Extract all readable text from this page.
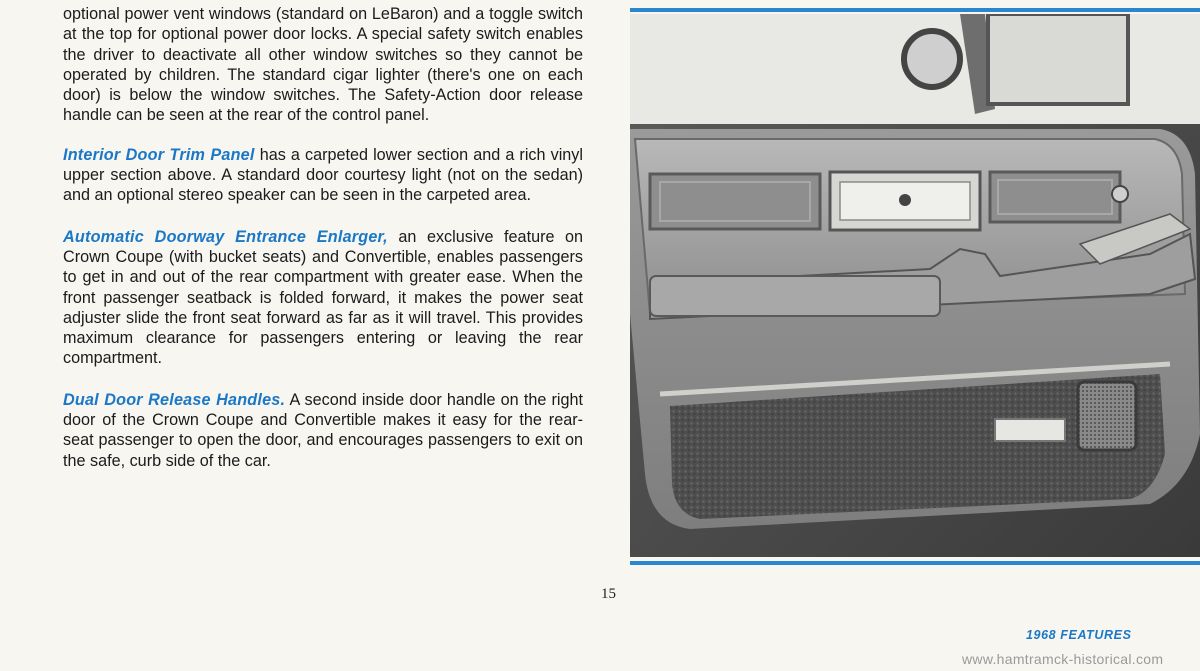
optional power vent windows (standard on LeBaron) and a toggle switch at the top for optional power door locks. A special safety switch enables the driver to deactivate all other window switches so they cannot be operated by children. The standard cigar lighter (there's one on each door) is below the window switches. The Safety-Action door release handle can be seen at the rear of the control panel.

Interior Door Trim Panel has a carpeted lower section and a rich vinyl upper section above. A standard door courtesy light (not on the sedan) and an optional stereo speaker can be seen in the carpeted area.

Automatic Doorway Entrance Enlarger, an exclusive feature on Crown Coupe (with bucket seats) and Convertible, enables passengers to get in and out of the rear compartment with greater ease. When the front passenger seatback is folded forward, it makes the power seat adjuster slide the front seat forward as far as it will travel. This provides maximum clearance for passengers entering or leaving the rear compartment.

Dual Door Release Handles. A second inside door handle on the right door of the Crown Coupe and Convertible makes it easy for the rear-seat passenger to open the door, and encourages passengers to exit on the safe, curb side of the car.

15
1968 FEATURES
www.hamtramck-historical.com
